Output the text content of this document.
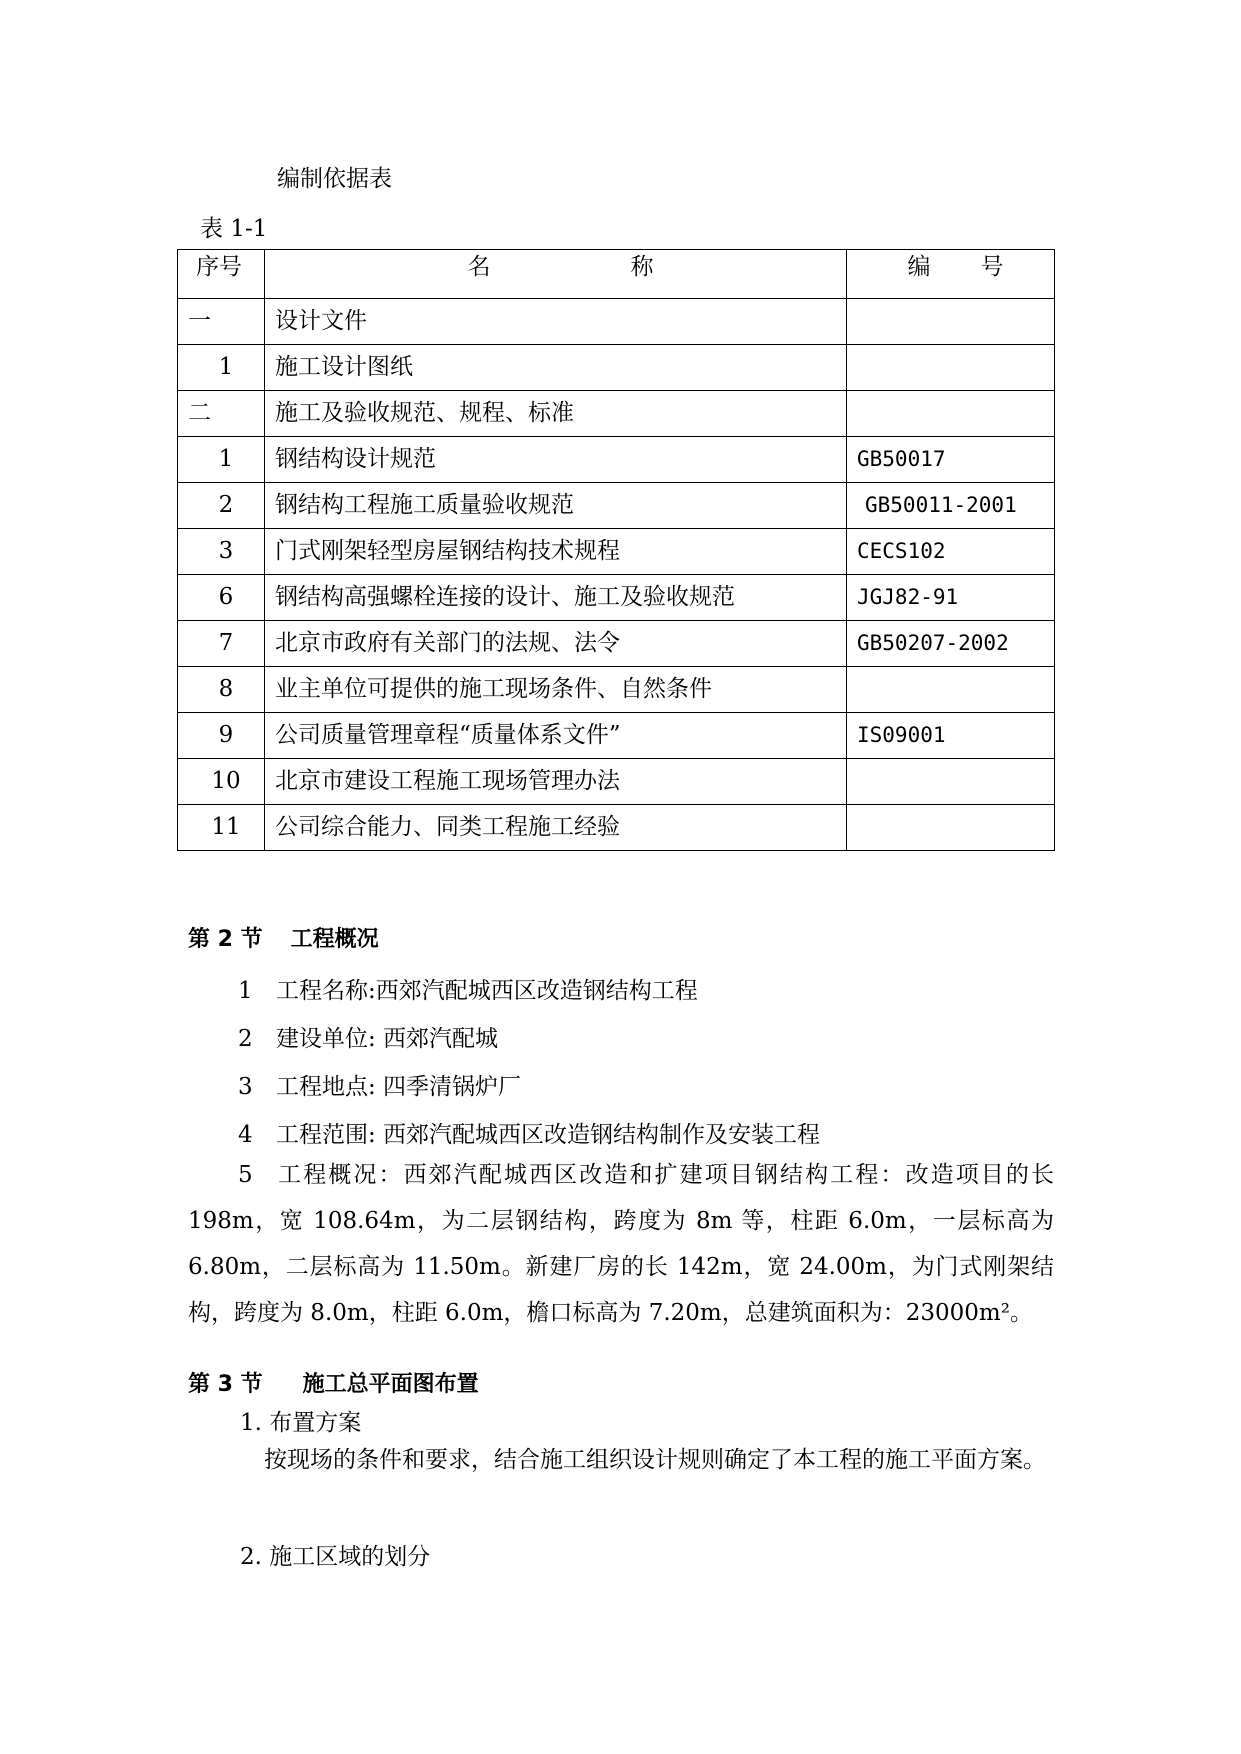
编制依据表
表 1-1
序号	名 称	编 号
一	设计文件	
1	施工设计图纸	
二	施工及验收规范、规程、标准	
1	钢结构设计规范	GB50017
2	钢结构工程施工质量验收规范	GB50011-2001
3	门式刚架轻型房屋钢结构技术规程	CECS102
6	钢结构高强螺栓连接的设计、施工及验收规范	JGJ82-91
7	北京市政府有关部门的法规、法令	GB50207-2002
8	业主单位可提供的施工现场条件、自然条件	
9	公司质量管理章程“质量体系文件”	IS09001
10	北京市建设工程施工现场管理办法	
11	公司综合能力、同类工程施工经验	
第 2 节 工程概况
1 工程名称:西郊汽配城西区改造钢结构工程
2 建设单位: 西郊汽配城
3 工程地点: 四季清锅炉厂
4 工程范围: 西郊汽配城西区改造钢结构制作及安装工程
5 工程概况：西郊汽配城西区改造和扩建项目钢结构工程：改造项目的长198m，宽 108.64m，为二层钢结构，跨度为 8m 等，柱距 6.0m，一层标高为6.80m，二层标高为 11.50m。新建厂房的长 142m，宽 24.00m，为门式刚架结构，跨度为 8.0m，柱距 6.0m，檐口标高为 7.20m，总建筑面积为：23000m²。
第 3 节 施工总平面图布置
1. 布置方案
按现场的条件和要求，结合施工组织设计规则确定了本工程的施工平面方案。
2. 施工区域的划分
